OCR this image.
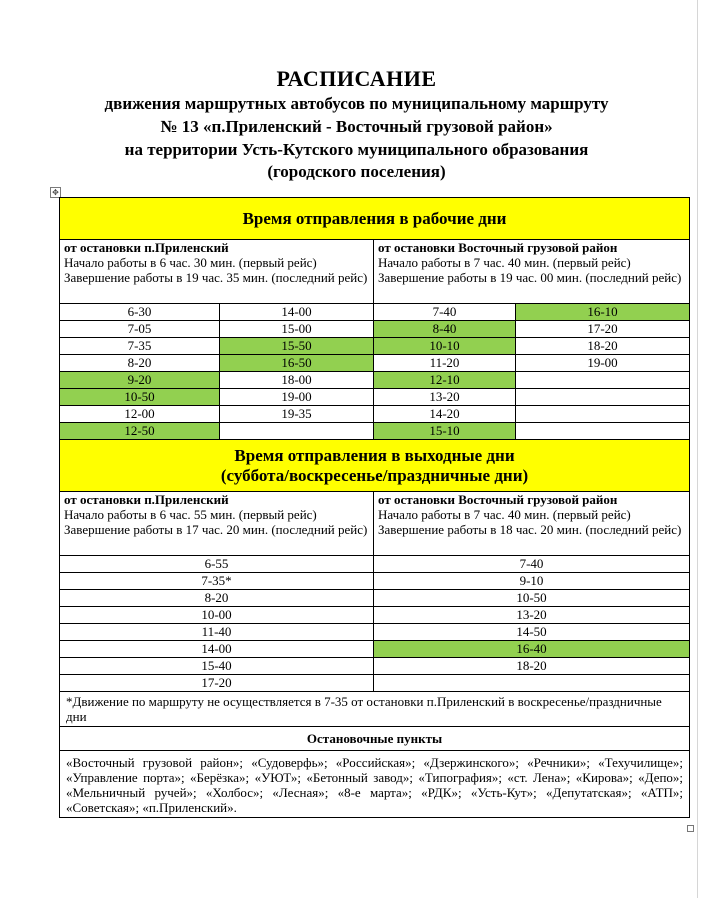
РАСПИСАНИЕ
движения маршрутных автобусов по муниципальному маршруту
№ 13 «п.Приленский - Восточный грузовой район»
на территории Усть-Кутского муниципального образования
(городского поселения)
✥
Время отправления в рабочие дни			
от остановки п.Приленский
Начало работы в 6 час. 30 мин. (первый рейс)
Завершение работы в 19 час. 35 мин. (последний рейс)		от остановки Восточный грузовой район
Начало работы в 7 час. 40 мин. (первый рейс)
Завершение работы в 19 час. 00 мин. (последний рейс)	
6-30	14-00	7-40	16-10
7-05	15-00	8-40	17-20
7-35	15-50	10-10	18-20
8-20	16-50	11-20	19-00
9-20	18-00	12-10	
10-50	19-00	13-20	
12-00	19-35	14-20	
12-50		15-10	
Время отправления в выходные дни
(суббота/воскресенье/праздничные дни)			
от остановки п.Приленский
Начало работы в 6 час. 55 мин. (первый рейс)
Завершение работы в 17 час. 20 мин. (последний рейс)		от остановки Восточный грузовой район
Начало работы в 7 час. 40 мин. (первый рейс)
Завершение работы в 18 час. 20 мин. (последний рейс)	
6-55		7-40	
7-35*		9-10	
8-20		10-50	
10-00		13-20	
11-40		14-50	
14-00		16-40	
15-40		18-20	
17-20			
*Движение по маршруту не осуществляется в 7-35 от остановки п.Приленский в воскресенье/праздничные дни			
Остановочные пункты			
«Восточный грузовой район»; «Судоверфь»; «Российская»; «Дзержинского»; «Речники»; «Техучилище»; «Управление порта»; «Берёзка»; «УЮТ»; «Бетонный завод»; «Типография»; «ст. Лена»; «Кирова»; «Депо»; «Мельничный ручей»; «Холбос»; «Лесная»; «8-е марта»; «РДК»; «Усть-Кут»; «Депутатская»; «АТП»; «Советская»; «п.Приленский».			
